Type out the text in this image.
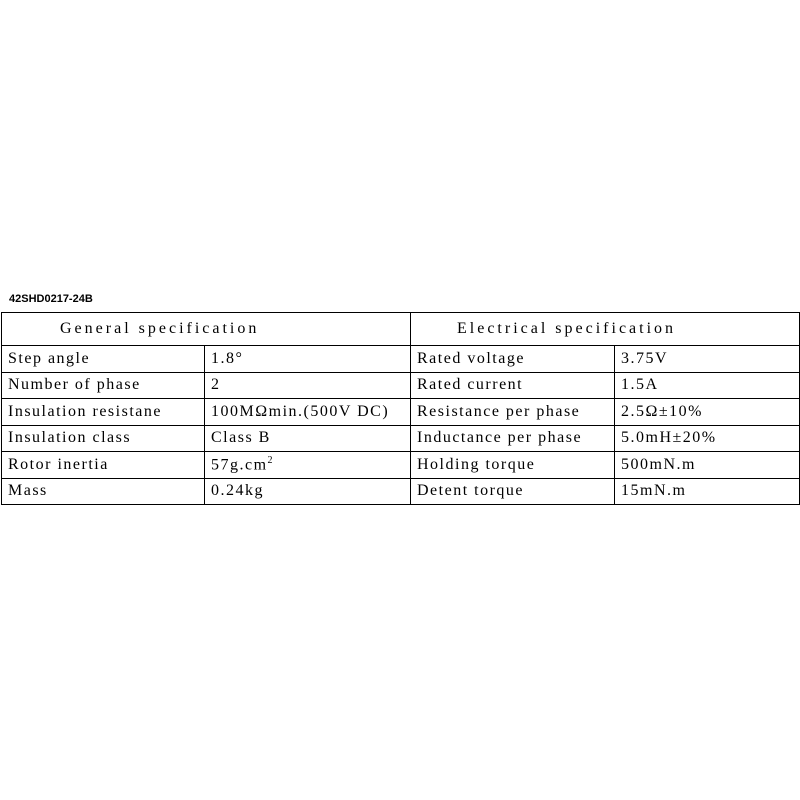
42SHD0217-24B
General specification		Electrical specification	
Step angle	1.8°	Rated voltage	3.75V
Number of phase	2	Rated current	1.5A
Insulation resistane	100MΩmin.(500V DC)	Resistance per phase	2.5Ω±10%
Insulation class	Class B	Inductance per phase	5.0mH±20%
Rotor inertia	$57g.cm^2$	Holding torque	500mN.m
Mass	0.24kg	Detent torque	15mN.m
